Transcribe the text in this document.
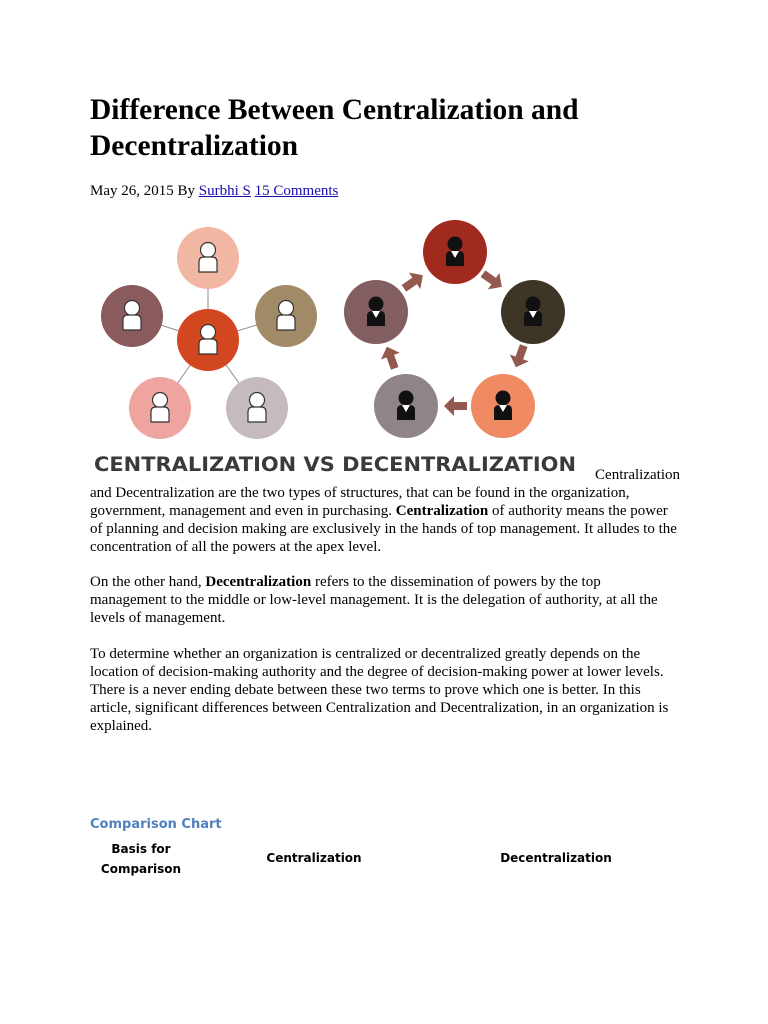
Difference Between Centralization and Decentralization
May 26, 2015 By Surbhi S 15 Comments
CENTRALIZATION VS DECENTRALIZATION Centralization

and Decentralization are the two types of structures, that can be found in the organization, government, management and even in purchasing. Centralization of authority means the power of planning and decision making are exclusively in the hands of top management. It alludes to the concentration of all the powers at the apex level.

On the other hand, Decentralization refers to the dissemination of powers by the top management to the middle or low-level management. It is the delegation of authority, at all the levels of management.

To determine whether an organization is centralized or decentralized greatly depends on the location of decision-making authority and the degree of decision-making power at lower levels. There is a never ending debate between these two terms to prove which one is better. In this article, significant differences between Centralization and Decentralization, in an organization is explained.

Comparison Chart
Basis for Comparison
Centralization	Decentralization
